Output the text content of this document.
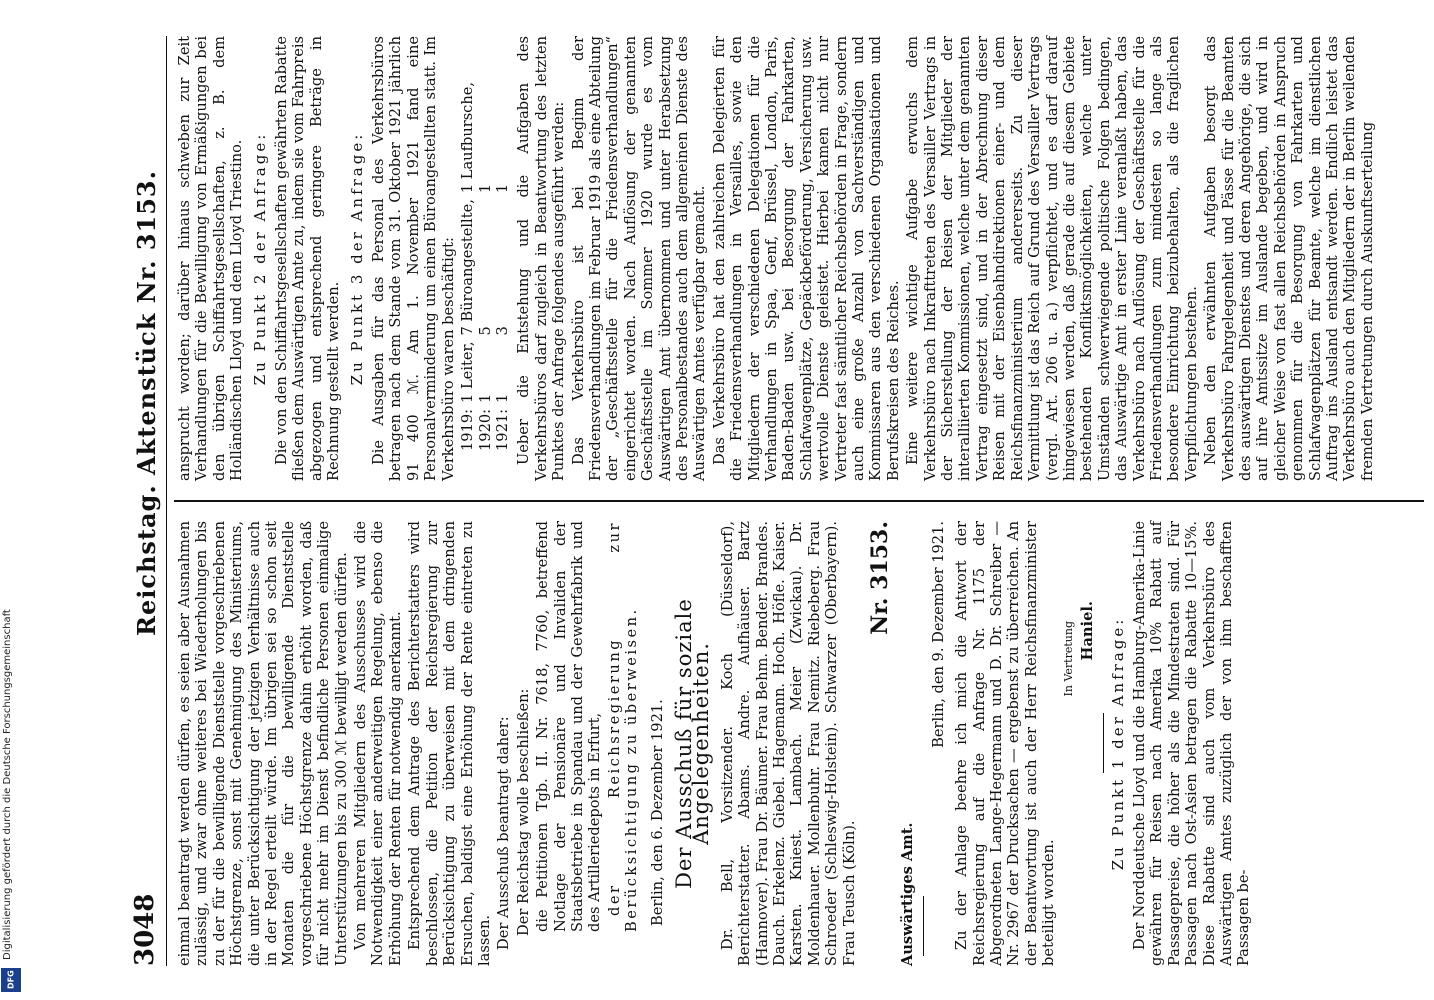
3048
Reichstag. Aktenstück Nr. 3153.

einmal beantragt werden dürfen, es seien aber Ausnahmen zulässig, und zwar ohne weiteres bei Wiederholungen bis zu der für die bewilligende Dienststelle vorgeschriebenen Höchstgrenze, sonst mit Genehmigung des Ministeriums, die unter Berücksichtigung der jetzigen Verhältnisse auch in der Regel erteilt würde. Im übrigen sei so schon seit Monaten die für die bewilligende Dienststelle vorgeschriebene Höchstgrenze dahin erhöht worden, daß für nicht mehr im Dienst befindliche Personen einmalige Unterstützungen bis zu 300 ℳ bewilligt werden dürfen. Von mehreren Mitgliedern des Ausschusses wird die Notwendigkeit einer anderweitigen Regelung, ebenso die Erhöhung der Renten für notwendig anerkannt. Entsprechend dem Antrage des Berichterstatters wird beschlossen, die Petition der Reichsregierung zur Berücksichtigung zu überweisen mit dem dringenden Ersuchen, baldigst eine Erhöhung der Rente eintreten zu lassen. Der Ausschuß beantragt daher: Der Reichstag wolle beschließen: die Petitionen Tgb. II. Nr. 7618, 7760, betreffend Notlage der Pensionäre und Invaliden der Staatsbetriebe in Spandau und der Gewehrfabrik und des Artilleriedepots in Erfurt, der Reichsregierung zur Berücksichtigung zu überweisen. Berlin, den 6. Dezember 1921. Der Ausschuß für soziale Angelegenheiten. Dr. Bell, Vorsitzender. Koch (Düsseldorf), Berichterstatter. Abams. Andre. Aufhäuser. Bartz (Hannover). Frau Dr. Bäumer. Frau Behm. Bender. Brandes. Dauch. Erkelenz. Giebel. Hagemann. Hoch. Höfle. Kaiser. Karsten. Kniest. Lambach. Meier (Zwickau). Dr. Moldenhauer. Mollenbuhr. Frau Nemitz. Riebeberg. Frau Schroeder (Schleswig-Holstein). Schwarzer (Oberbayern). Frau Teusch (Köln).

Nr. 3153.

Auswärtiges Amt.

Berlin, den 9. Dezember 1921. Zu der Anlage beehre ich mich die Antwort der Reichsregierung auf die Anfrage Nr. 1175 der Abgeordneten Lange-Hegermann und D. Dr. Schreiber — Nr. 2967 der Drucksachen — ergebenst zu überreichen. An der Beantwortung ist auch der Herr Reichsfinanzminister beteiligt worden.

In Vertretung Haniel. Zu Punkt 1 der Anfrage: Der Norddeutsche Lloyd und die Hamburg-Amerika-Linie gewähren für Reisen nach Amerika 10% Rabatt auf Passagepreise, die höher als die Mindestraten sind. Für Passagen nach Ost-Asien betragen die Rabatte 10—15%. Diese Rabatte sind auch vom Verkehrsbüro des Auswärtigen Amtes zuzüglich der von ihm beschafften Passagen be-

ansprucht worden; darüber hinaus schweben zur Zeit Verhandlungen für die Bewilligung von Ermäßigungen bei den übrigen Schiffahrtsgesellschaften, z. B. dem Holländischen Lloyd und dem Lloyd Triestino. Zu Punkt 2 der Anfrage: Die von den Schiffahrtsgesellschaften gewährten Rabatte fließen dem Auswärtigen Amte zu, indem sie vom Fahrpreis abgezogen und entsprechend geringere Beträge in Rechnung gestellt werden. Zu Punkt 3 der Anfrage: Die Ausgaben für das Personal des Verkehrsbüros betragen nach dem Stande vom 31. Oktober 1921 jährlich 91 400 ℳ. Am 1. November 1921 fand eine Personalverminderung um einen Büroangestellten statt. Im Verkehrsbüro waren beschäftigt: 1919:	1 Leiter,	7 Büroangestellte,	1 Laufbursche,
1920:	1	5	1
1921:	1	3	1 Ueber die Entstehung und die Aufgaben des Verkehrsbüros darf zugleich in Beantwortung des letzten Punktes der Anfrage folgendes ausgeführt werden: Das Verkehrsbüro ist bei Beginn der Friedensverhandlungen im Februar 1919 als eine Abteilung der „Geschäftsstelle für die Friedensverhandlungen“ eingerichtet worden. Nach Auflösung der genannten Geschäftsstelle im Sommer 1920 wurde es vom Auswärtigen Amt übernommen und unter Herabsetzung des Personalbestandes auch dem allgemeinen Dienste des Auswärtigen Amtes verfügbar gemacht. Das Verkehrsbüro hat den zahlreichen Delegierten für die Friedensverhandlungen in Versailles, sowie den Mitgliedern der verschiedenen Delegationen für die Verhandlungen in Spaa, Genf, Brüssel, London, Paris, Baden-Baden usw. bei Besorgung der Fahrkarten, Schlafwagenplätze, Gepäckbeförderung, Versicherung usw. wertvolle Dienste geleistet. Hierbei kamen nicht nur Vertreter fast sämtlicher Reichsbehörden in Frage, sondern auch eine große Anzahl von Sachverständigen und Kommissaren aus den verschiedenen Organisationen und Berufskreisen des Reiches. Eine weitere wichtige Aufgabe erwuchs dem Verkehrsbüro nach Inkrafttreten des Versailler Vertrags in der Sicherstellung der Reisen der Mitglieder der interalliierten Kommissionen, welche unter dem genannten Vertrag eingesetzt sind, und in der Abrechnung dieser Reisen mit der Eisenbahndirektionen einer- und dem Reichsfinanzministerium andererseits. Zu dieser Vermittlung ist das Reich auf Grund des Versailler Vertrags (vergl. Art. 206 u. a.) verpflichtet, und es darf darauf hingewiesen werden, daß gerade die auf diesem Gebiete bestehenden Konfliktsmöglichkeiten, welche unter Umständen schwerwiegende politische Folgen bedingen, das Auswärtige Amt in erster Linie veranlaßt haben, das Verkehrsbüro nach Auflösung der Geschäftsstelle für die Friedensverhandlungen zum mindesten so lange als besondere Einrichtung beizubehalten, als die fraglichen Verpflichtungen bestehen. Neben den erwähnten Aufgaben besorgt das Verkehrsbüro Fahrgelegenheit und Pässe für die Beamten des auswärtigen Dienstes und deren Angehörige, die sich auf ihre Amtssitze im Auslande begeben, und wird in gleicher Weise von fast allen Reichsbehörden in Anspruch genommen für die Besorgung von Fahrkarten und Schlafwagenplätzen für Beamte, welche im dienstlichen Auftrag ins Ausland entsandt werden. Endlich leistet das Verkehrsbüro auch den Mitgliedern der in Berlin weilenden fremden Vertretungen durch Auskunftserteilung

Digitalisierung gefördert durch die Deutsche Forschungsgemeinschaft
DFG
